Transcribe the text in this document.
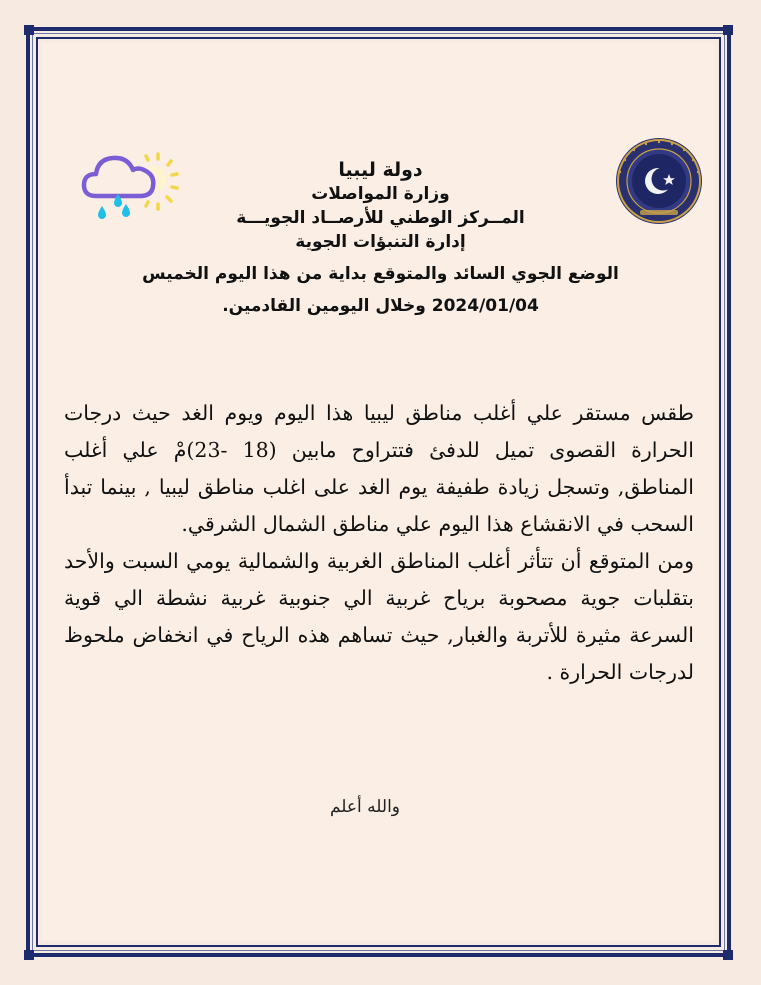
دولة ليبيا
وزارة المواصلات
المــركز الوطني للأرصــاد الجويـــة
إدارة التنبؤات الجوية
الوضع الجوي السائد والمتوقع بداية من هذا اليوم الخميس
2024/01/04 وخلال اليومين القادمين.

طقس مستقر علي أغلب مناطق ليبيا هذا اليوم ويوم الغد حيث درجات الحرارة القصوى تميل للدفئ فتتراوح مابين (18 -23)مْ علي أغلب المناطق, وتسجل زيادة طفيفة يوم الغد على اغلب مناطق ليبيا , بينما تبدأ السحب في الانقشاع هذا اليوم علي مناطق الشمال الشرقي.

ومن المتوقع أن تتأثر أغلب المناطق الغربية والشمالية يومي السبت والأحد بتقلبات جوية مصحوبة برياح غربية الي جنوبية غربية نشطة الي قوية السرعة مثيرة للأتربة والغبار, حيث تساهم هذه الرياح في انخفاض ملحوظ لدرجات الحرارة .

والله أعلم
